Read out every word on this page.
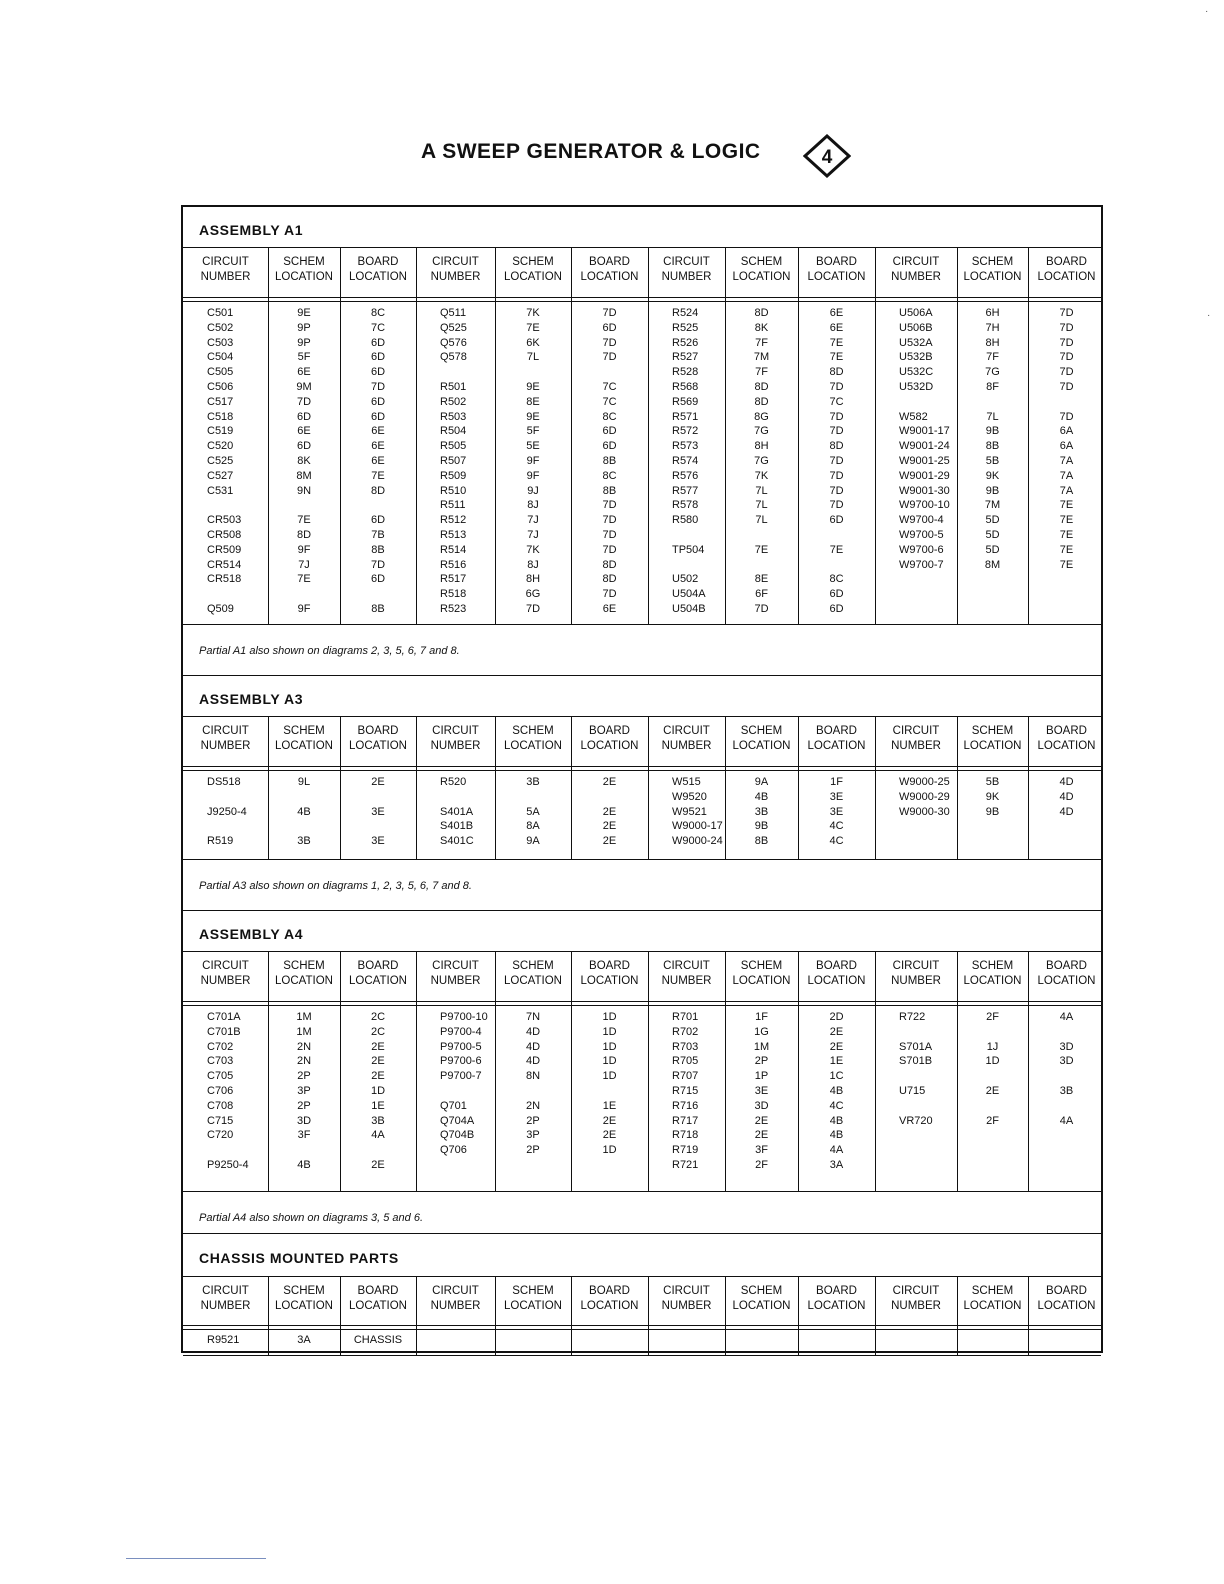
A SWEEP GENERATOR & LOGIC	4
ASSEMBLY A1
CIRCUIT
NUMBER
C501
C502
C503
C504
C505
C506
C517
C518
C519
C520
C525
C527
C531

CR503
CR508
CR509
CR514
CR518

Q509
SCHEM
LOCATION
9E
9P
9P
5F
6E
9M
7D
6D
6E
6D
8K
8M
9N

7E
8D
9F
7J
7E

9F
BOARD
LOCATION
8C
7C
6D
6D
6D
7D
6D
6D
6E
6E
6E
7E
8D

6D
7B
8B
7D
6D

8B
CIRCUIT
NUMBER
Q511
Q525
Q576
Q578

R501
R502
R503
R504
R505
R507
R509
R510
R511
R512
R513
R514
R516
R517
R518
R523
SCHEM
LOCATION
7K
7E
6K
7L

9E
8E
9E
5F
5E
9F
9F
9J
8J
7J
7J
7K
8J
8H
6G
7D
BOARD
LOCATION
7D
6D
7D
7D

7C
7C
8C
6D
6D
8B
8C
8B
7D
7D
7D
7D
8D
8D
7D
6E
CIRCUIT
NUMBER
R524
R525
R526
R527
R528
R568
R569
R571
R572
R573
R574
R576
R577
R578
R580

TP504

U502
U504A
U504B
SCHEM
LOCATION
8D
8K
7F
7M
7F
8D
8D
8G
7G
8H
7G
7K
7L
7L
7L

7E

8E
6F
7D
BOARD
LOCATION
6E
6E
7E
7E
8D
7D
7C
7D
7D
8D
7D
7D
7D
7D
6D

7E

8C
6D
6D
CIRCUIT
NUMBER
U506A
U506B
U532A
U532B
U532C
U532D

W582
W9001-17
W9001-24
W9001-25
W9001-29
W9001-30
W9700-10
W9700-4
W9700-5
W9700-6
W9700-7
SCHEM
LOCATION
6H
7H
8H
7F
7G
8F

7L
9B
8B
5B
9K
9B
7M
5D
5D
5D
8M
BOARD
LOCATION
7D
7D
7D
7D
7D
7D

7D
6A
6A
7A
7A
7A
7E
7E
7E
7E
7E
Partial A1 also shown on diagrams 2, 3, 5, 6, 7 and 8.
ASSEMBLY A3
CIRCUIT
NUMBER
DS518

J9250-4

R519
SCHEM
LOCATION
9L

4B

3B
BOARD
LOCATION
2E

3E

3E
CIRCUIT
NUMBER
R520

S401A
S401B
S401C
SCHEM
LOCATION
3B

5A
8A
9A
BOARD
LOCATION
2E

2E
2E
2E
CIRCUIT
NUMBER
W515
W9520
W9521
W9000-17
W9000-24
SCHEM
LOCATION
9A
4B
3B
9B
8B
BOARD
LOCATION
1F
3E
3E
4C
4C
CIRCUIT
NUMBER
W9000-25
W9000-29
W9000-30
SCHEM
LOCATION
5B
9K
9B
BOARD
LOCATION
4D
4D
4D
Partial A3 also shown on diagrams 1, 2, 3, 5, 6, 7 and 8.
ASSEMBLY A4
CIRCUIT
NUMBER
C701A
C701B
C702
C703
C705
C706
C708
C715
C720

P9250-4
SCHEM
LOCATION
1M
1M
2N
2N
2P
3P
2P
3D
3F

4B
BOARD
LOCATION
2C
2C
2E
2E
2E
1D
1E
3B
4A

2E
CIRCUIT
NUMBER
P9700-10
P9700-4
P9700-5
P9700-6
P9700-7

Q701
Q704A
Q704B
Q706
SCHEM
LOCATION
7N
4D
4D
4D
8N

2N
2P
3P
2P
BOARD
LOCATION
1D
1D
1D
1D
1D

1E
2E
2E
1D
CIRCUIT
NUMBER
R701
R702
R703
R705
R707
R715
R716
R717
R718
R719
R721
SCHEM
LOCATION
1F
1G
1M
2P
1P
3E
3D
2E
2E
3F
2F
BOARD
LOCATION
2D
2E
2E
1E
1C
4B
4C
4B
4B
4A
3A
CIRCUIT
NUMBER
R722

S701A
S701B

U715

VR720
SCHEM
LOCATION
2F

1J
1D

2E

2F
BOARD
LOCATION
4A

3D
3D

3B

4A
Partial A4 also shown on diagrams 3, 5 and 6.
CHASSIS MOUNTED PARTS
CIRCUIT
NUMBER
R9521
SCHEM
LOCATION
3A
BOARD
LOCATION
CHASSIS
CIRCUIT
NUMBER
SCHEM
LOCATION
BOARD
LOCATION
CIRCUIT
NUMBER
SCHEM
LOCATION
BOARD
LOCATION
CIRCUIT
NUMBER
SCHEM
LOCATION
BOARD
LOCATION
·
·
